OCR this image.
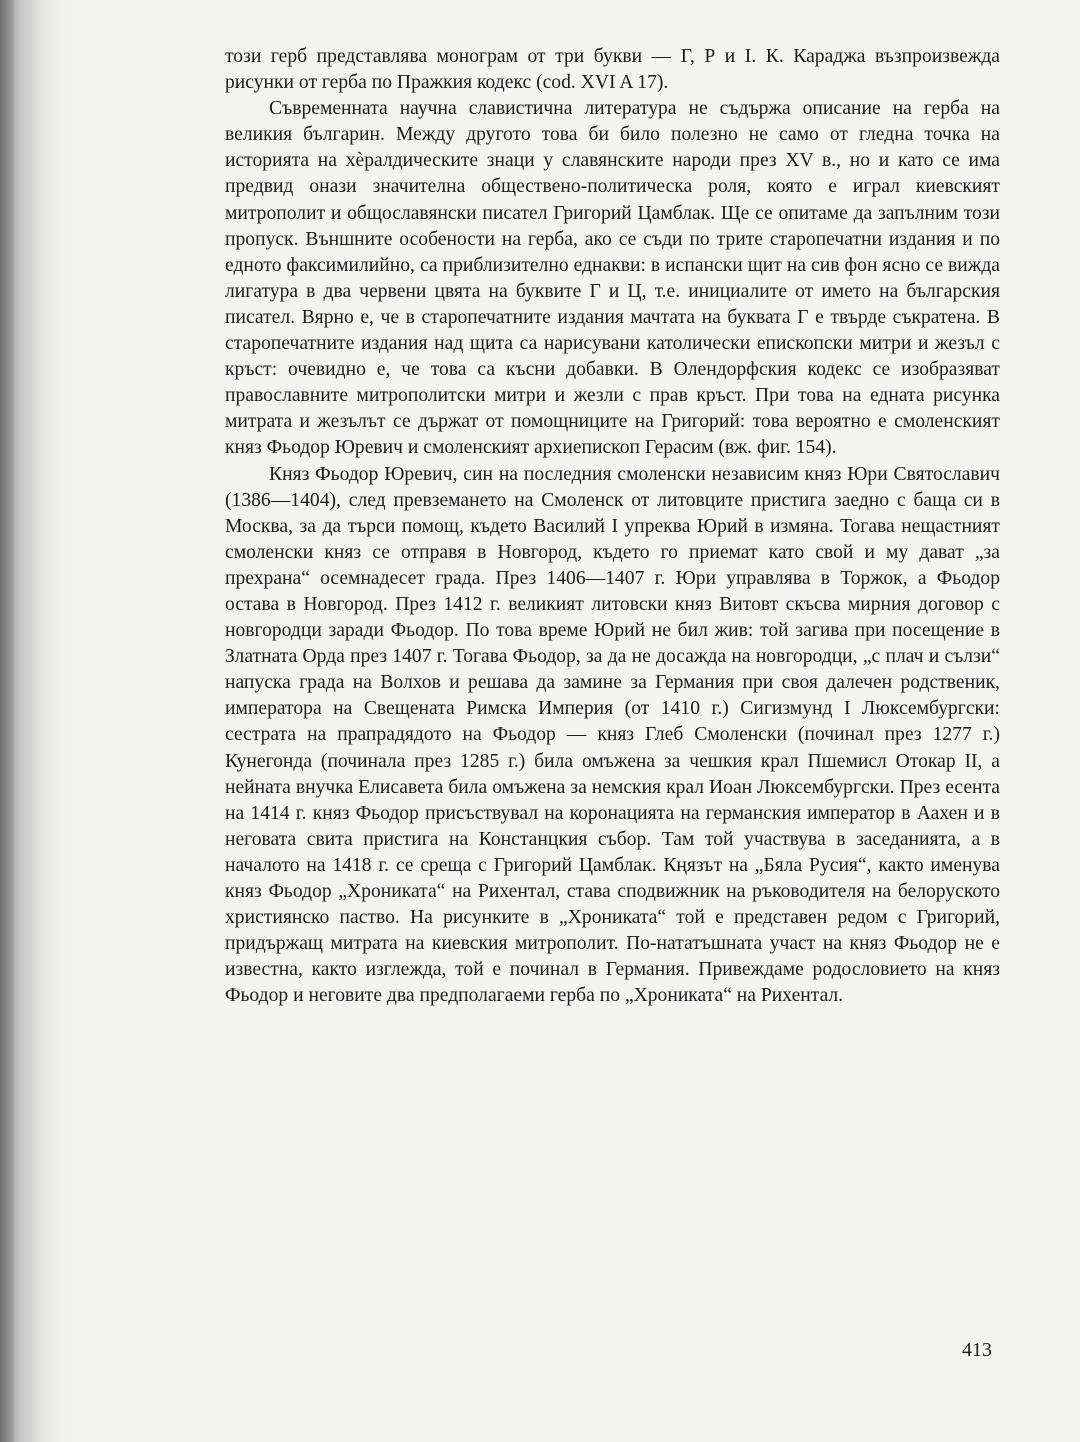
този герб представлява монограм от три букви — Г, Р и I. К. Караджа възпроизвежда рисунки от герба по Пражкия кодекс (cod. XVI A 17).

Съвременната научна славистична литература не съдържа описание на герба на великия българин. Между другото това би било полезно не само от гледна точка на историята на хèралдическите знаци у славянските народи през XV в., но и като се има предвид онази значителна обществено-политическа роля, която е играл киевският митрополит и общославянски писател Григорий Цамблак. Ще се опитаме да запълним този пропуск. Външните особености на герба, ако се съди по трите старопечатни издания и по едното факсимилийно, са приблизително еднакви: в испански щит на сив фон ясно се вижда лигатура в два червени цвята на буквите Г и Ц, т.е. инициалите от името на българския писател. Вярно е, че в старопечатните издания мачтата на буквата Г е твърде съкратена. В старопечатните издания над щита са нарисувани католически епископски митри и жезъл с кръст: очевидно е, че това са късни добавки. В Олендорфския кодекс се изобразяват православните митрополитски митри и жезли с прав кръст. При това на едната рисунка митрата и жезълът се държат от помощниците на Григорий: това вероятно е смоленският княз Фьодор Юревич и смоленският архиепископ Герасим (вж. фиг. 154).

Княз Фьодор Юревич, син на последния смоленски независим княз Юри Святославич (1386—1404), след превземането на Смоленск от литовците пристига заедно с баща си в Москва, за да търси помощ, където Василий I упреква Юрий в измяна. Тогава нещастният смоленски княз се отправя в Новгород, където го приемат като свой и му дават „за прехрана“ осемнадесет града. През 1406—1407 г. Юри управлява в Торжок, а Фьодор остава в Новгород. През 1412 г. великият литовски княз Витовт скъсва мирния договор с новгородци заради Фьодор. По това време Юрий не бил жив: той загива при посещение в Златната Орда през 1407 г. Тогава Фьодор, за да не досажда на новгородци, „с плач и сълзи“ напуска града на Волхов и решава да замине за Германия при своя далечен родственик, императора на Свещената Римска Империя (от 1410 г.) Сигизмунд I Люксембургски: сестрата на прапрадядото на Фьодор — княз Глеб Смоленски (починал през 1277 г.) Кунегонда (починала през 1285 г.) била омъжена за чешкия крал Пшемисл Отокар II, а нейната внучка Елисавета била омъжена за немския крал Иоан Люксембургски. През есента на 1414 г. княз Фьодор присъствувал на коронацията на германския император в Аахен и в неговата свита пристига на Констанцкия събор. Там той участвува в заседанията, а в началото на 1418 г. се среща с Григорий Цамблак. Кңязът на „Бяла Русия“, както именува княз Фьодор „Хрониката“ на Рихентал, става сподвижник на ръководителя на белоруското християнско паство. На рисунките в „Хрониката“ той е представен редом с Григорий, придържащ митрата на киевския митрополит. По-нататъшната участ на княз Фьодор не е известна, както изглежда, той е починал в Германия. Привеждаме родословието на княз Фьодор и неговите два предполагаеми герба по „Хрониката“ на Рихентал.

413
